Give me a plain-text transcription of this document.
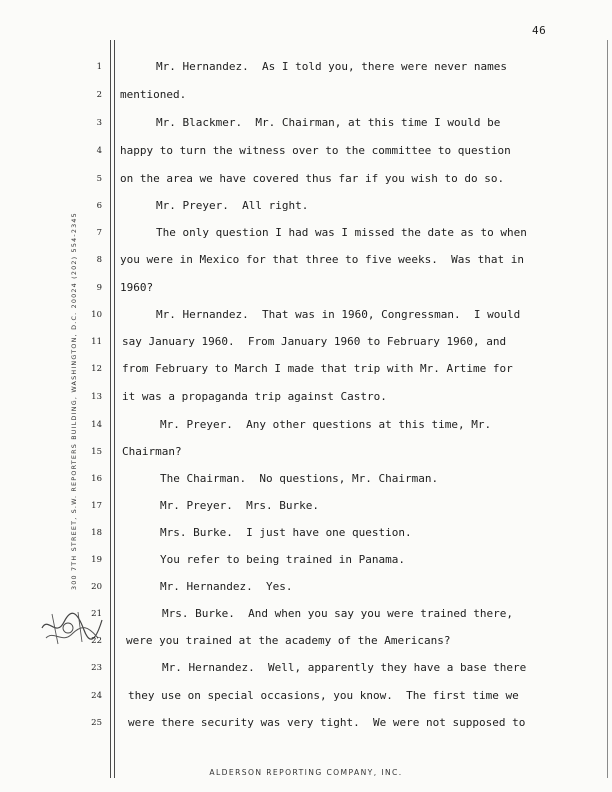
46
300 7TH STREET, S.W. REPORTERS BUILDING, WASHINGTON, D.C. 20024 (202) 554-2345
1	Mr. Hernandez.  As I told you, there were never names
2 mentioned.
3	Mr. Blackmer.  Mr. Chairman, at this time I would be
4 happy to turn the witness over to the committee to question
5 on the area we have covered thus far if you wish to do so.
6	Mr. Preyer.  All right.
7	The only question I had was I missed the date as to when
8 you were in Mexico for that three to five weeks.  Was that in
9 1960?
10	Mr. Hernandez.  That was in 1960, Congressman.  I would
11 say January 1960.  From January 1960 to February 1960, and
12 from February to March I made that trip with Mr. Artime for
13 it was a propaganda trip against Castro.
14	Mr. Preyer.  Any other questions at this time, Mr.
15 Chairman?
16	The Chairman.  No questions, Mr. Chairman.
17	Mr. Preyer.  Mrs. Burke.
18	Mrs. Burke.  I just have one question.
19	You refer to being trained in Panama.
20	Mr. Hernandez.  Yes.
21	Mrs. Burke.  And when you say you were trained there,
22 were you trained at the academy of the Americans?
23	Mr. Hernandez.  Well, apparently they have a base there
24 they use on special occasions, you know.  The first time we
25 were there security was very tight.  We were not supposed to
ALDERSON REPORTING COMPANY, INC.
